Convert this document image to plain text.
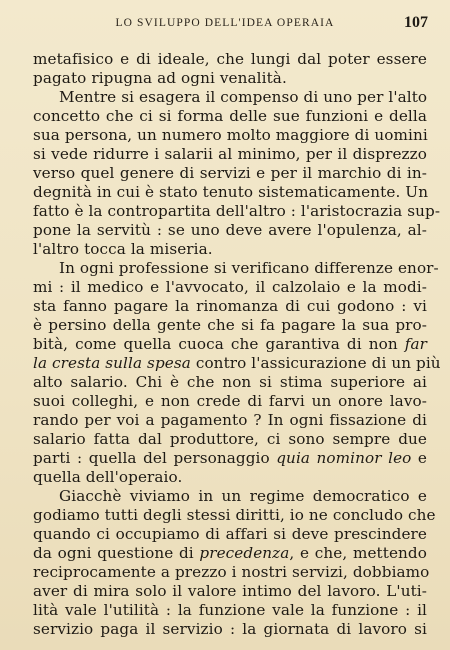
LO SVILUPPO DELL'IDEA OPERAIA	107
metafisico e di ideale, che lungi dal poter essere
pagato ripugna ad ogni venalità.
Mentre si esagera il compenso di uno per l'alto
concetto che ci si forma delle sue funzioni e della
sua persona, un numero molto maggiore di uomini
si vede ridurre i salarii al minimo, per il disprezzo
verso quel genere di servizi e per il marchio di in-
degnità in cui è stato tenuto sistematicamente. Un
fatto è la contropartita dell'altro : l'aristocrazia sup-
pone la servitù : se uno deve avere l'opulenza, al-
l'altro tocca la miseria.
In ogni professione si verificano differenze enor-
mi : il medico e l'avvocato, il calzolaio e la modi-
sta fanno pagare la rinomanza di cui godono : vi
è persino della gente che si fa pagare la sua pro-
bità, come quella cuoca che garantiva di non far
la cresta sulla spesa contro l'assicurazione di un più
alto salario. Chi è che non si stima superiore ai
suoi colleghi, e non crede di farvi un onore lavo-
rando per voi a pagamento ? In ogni fissazione di
salario fatta dal produttore, ci sono sempre due
parti : quella del personaggio quia nominor leo e
quella dell'operaio.
Giacchè viviamo in un regime democratico e
godiamo tutti degli stessi diritti, io ne concludo che
quando ci occupiamo di affari si deve prescindere
da ogni questione di precedenza, e che, mettendo
reciprocamente a prezzo i nostri servizi, dobbiamo
aver di mira solo il valore intimo del lavoro. L'uti-
lità vale l'utilità : la funzione vale la funzione : il
servizio paga il servizio : la giornata di lavoro si
